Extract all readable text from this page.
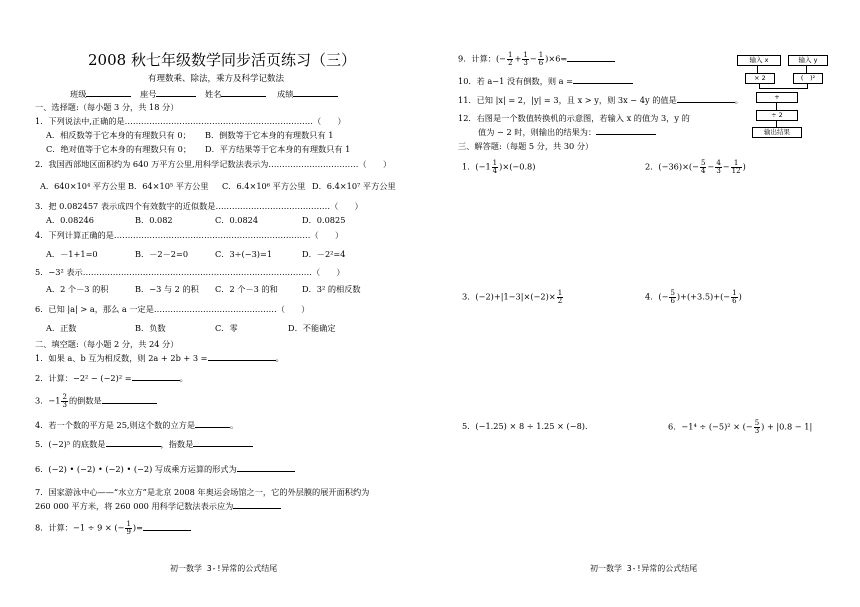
2008 秋七年级数学同步活页练习（三）
有理数乘、除法，乘方及科学记数法
班级	座号	姓名	成绩
一、选择题:（每小题 3 分，共 18 分）
1．下列说法中,正确的是……………………………………………………………（　　）
A．相反数等于它本身的有理数只有 0； B．倒数等于它本身的有理数只有 1
C．绝对值等于它本身的有理数只有 0； D．平方结果等于它本身的有理数只有 1
2．我国西部地区面积约为 640 万平方公里,用科学记数法表示为……………………………（　　）
A．640×10⁴ 平方公里 B．64×10⁵ 平方公里 C．6.4×10⁶ 平方公里 D．6.4×10⁷ 平方公里
3．把 0.082457 表示成四个有效数字的近似数是……………………………………（　　）
A．0.08246	B．0.082	C．0.0824	D．0.0825
4．下列计算正确的是………………………………………………………………（　　）
A．－1+1=0	B．－2－2=0	C．3÷(−3)=1	D．－2²=4
5．−3² 表示…………………………………………………………………………（　　）
A．2 个－3 的积	B．−3 与 2 的积 C．2 个－3 的和	D．3² 的相反数
6．已知 |a| > a，那么 a 一定是………………………………………（　　）
A．正数	B．负数	C．零	D．不能确定
二、填空题:（每小题 2 分，共 24 分）
1．如果 a、b 互为相反数，则 2a + 2b + 3 =	。
2．计算：−2² − (−2)² =	。
3．$-1 \frac{2}{3}$ 的倒数是
4．若一个数的平方是 25,则这个数的立方是	。
5．(−2)⁵ 的底数是	，指数是
6．(−2) • (−2) • (−2) • (−2) 写成乘方运算的形式为
7．国家游泳中心——“水立方”是北京 2008 年奥运会场馆之一，它的外层膜的展开面积约为
260 000 平方米，将 260 000 用科学记数法表示应为
8．计算：−1 ÷ 9 × (− $\frac{1}{9}$ )=
初一数学 3-!异常的公式结尾
9．计算：(− $\frac{1}{2} + \frac{1}{3} - \frac{1}{6} )\times 6=$
10．若 a−1 没有倒数，则 a =
11．已知 |x| = 2，|y| = 3，且 x > y，则 3x − 4y 的值是	。
12．右图是一个数值转换机的示意图，若输入 x 的值为 3，y 的
值为 − 2 时，则输出的结果为：
三、解答题:（每题 5 分，共 30 分）
输入 x	输入 y
× 2	(　)²
+
÷ 2
输出结果
1．$(-1 \frac{1}{4} )\times(-0.8)$	2．$(-36)\times(- \frac{5}{4} - \frac{4}{3} - \frac{1}{12}$ )
3．$(-2)+|1-3|\times(-2)\times \frac{1}{2}$	4．(− $\frac{5}{6} )+(+3.5)+(- \frac{1}{6}$ )
5．(−1.25) × 8 ÷ 1.25 × (−8)．	6．−1⁴ ÷ (−5)² × (− $\frac{5}{3}$ ) + |0.8 − 1|
初一数学 3-!异常的公式结尾
